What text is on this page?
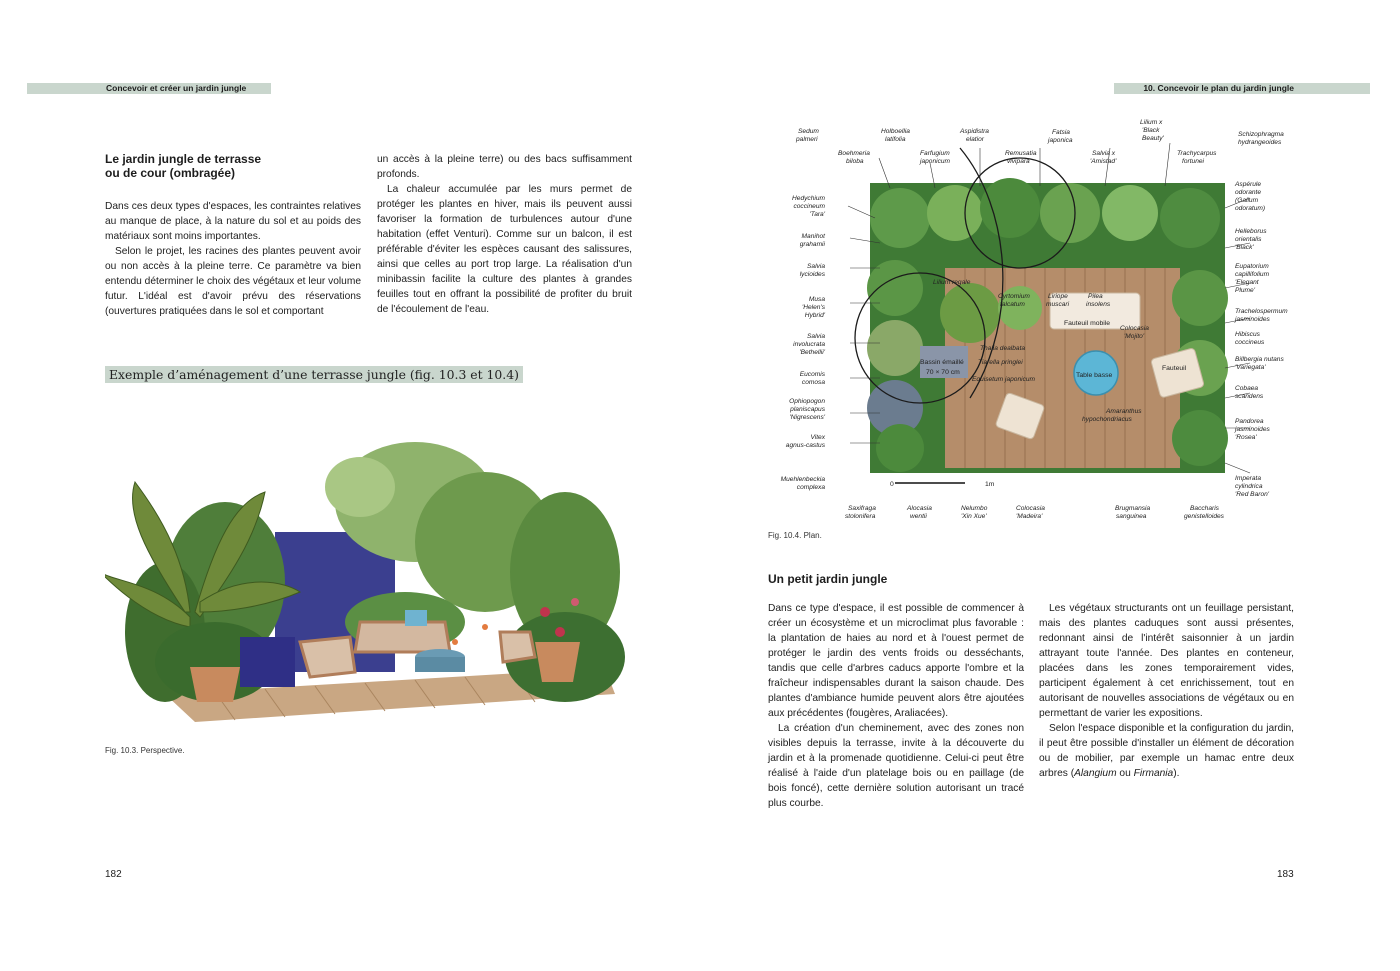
Concevoir et créer un jardin jungle
Le jardin jungle de terrasse
ou de cour (ombragée)

Dans ces deux types d'espaces, les contraintes relatives au manque de place, à la nature du sol et au poids des matériaux sont moins importantes.

Selon le projet, les racines des plantes peuvent avoir ou non accès à la pleine terre. Ce paramètre va bien entendu déterminer le choix des végétaux et leur volume futur. L'idéal est d'avoir prévu des réservations (ouvertures pratiquées dans le sol et comportant

un accès à la pleine terre) ou des bacs suffisamment profonds.

La chaleur accumulée par les murs permet de protéger les plantes en hiver, mais ils peuvent aussi favoriser la formation de turbulences autour d'une habitation (effet Venturi). Comme sur un balcon, il est préférable d'éviter les espèces causant des salissures, ainsi que celles au port trop large. La réalisation d'un minibassin facilite la culture des plantes à grandes feuilles tout en offrant la possibilité de profiter du bruit de l'écoulement de l'eau.

Exemple d’aménagement d’une terrasse jungle (fig. 10.3 et 10.4)
Fig. 10.3. Perspective.
182
10. Concevoir le plan du jardin jungle
0	1m
Sedum
palmeri
Boehmeria
biloba
Holboellia
latifolia
Aspidistra
elatior
Farfugium
japonicum
Remusatia
vivipara
Fatsia
japonica
Salvia x
'Amistad'
Lilium x
'Black
Beauty'
Trachycarpus
fortunei
Schizophragma
hydrangeoides
Hedychium
coccineum
'Tara'
Manihot
grahamii
Salvia
lycioides
Musa
'Helen's
Hybrid'
Salvia
involucrata
'Bethellii'
Eucomis
comosa
Ophiopogon
planiscapus
'Nigrescens'
Vitex
agnus-castus
Muehlenbeckia
complexa
Aspérule
odorante
(Galium
odoratum)
Helleborus
orientalis
'Black'
Eupatorium
capillifolium
'Elegant
Plume'
Trachelospermum
jasminoides
Hibiscus
coccineus
Billbergia nutans
'Variegata'
Cobaea
scandens
Pandorea
jasminoides
'Rosea'
Imperata
cylindrica
'Red Baron'
Saxifraga
stolonifera
Alocasia
wentii
Nelumbo
'Xin Xue'
Colocasia
'Madeira'
Brugmansia
sanguinea
Baccharis
genistelloides
Lilium regale
Cyrtomium
falcatum
Liriope
muscari
Pilea
insolens
Fauteuil mobile
Colocasia
'Mojito'
Thalia dealbata
Tiarella pringlei
Equisetum japonicum
Bassin émaillé
70 × 70 cm	Table basse
Fauteuil
Amaranthus
hypochondriacus
Fig. 10.4. Plan.
Un petit jardin jungle

Dans ce type d'espace, il est possible de commencer à créer un écosystème et un microclimat plus favorable : la plantation de haies au nord et à l'ouest permet de protéger le jardin des vents froids ou desséchants, tandis que celle d'arbres caducs apporte l'ombre et la fraîcheur indispensables durant la saison chaude. Des plantes d'ambiance humide peuvent alors être ajoutées aux précédentes (fougères, Araliacées).

La création d'un cheminement, avec des zones non visibles depuis la terrasse, invite à la découverte du jardin et à la promenade quotidienne. Celui-ci peut être réalisé à l'aide d'un platelage bois ou en paillage (de bois foncé), cette dernière solution autorisant un tracé plus courbe.

Les végétaux structurants ont un feuillage persistant, mais des plantes caduques sont aussi présentes, redonnant ainsi de l'intérêt saisonnier à un jardin attrayant toute l'année. Des plantes en conteneur, placées dans les zones temporairement vides, participent également à cet enrichissement, tout en autorisant de nouvelles associations de végétaux ou en permettant de varier les expositions.

Selon l'espace disponible et la configuration du jardin, il peut être possible d'installer un élément de décoration ou de mobilier, par exemple un hamac entre deux arbres (Alangium ou Firmania).

183
